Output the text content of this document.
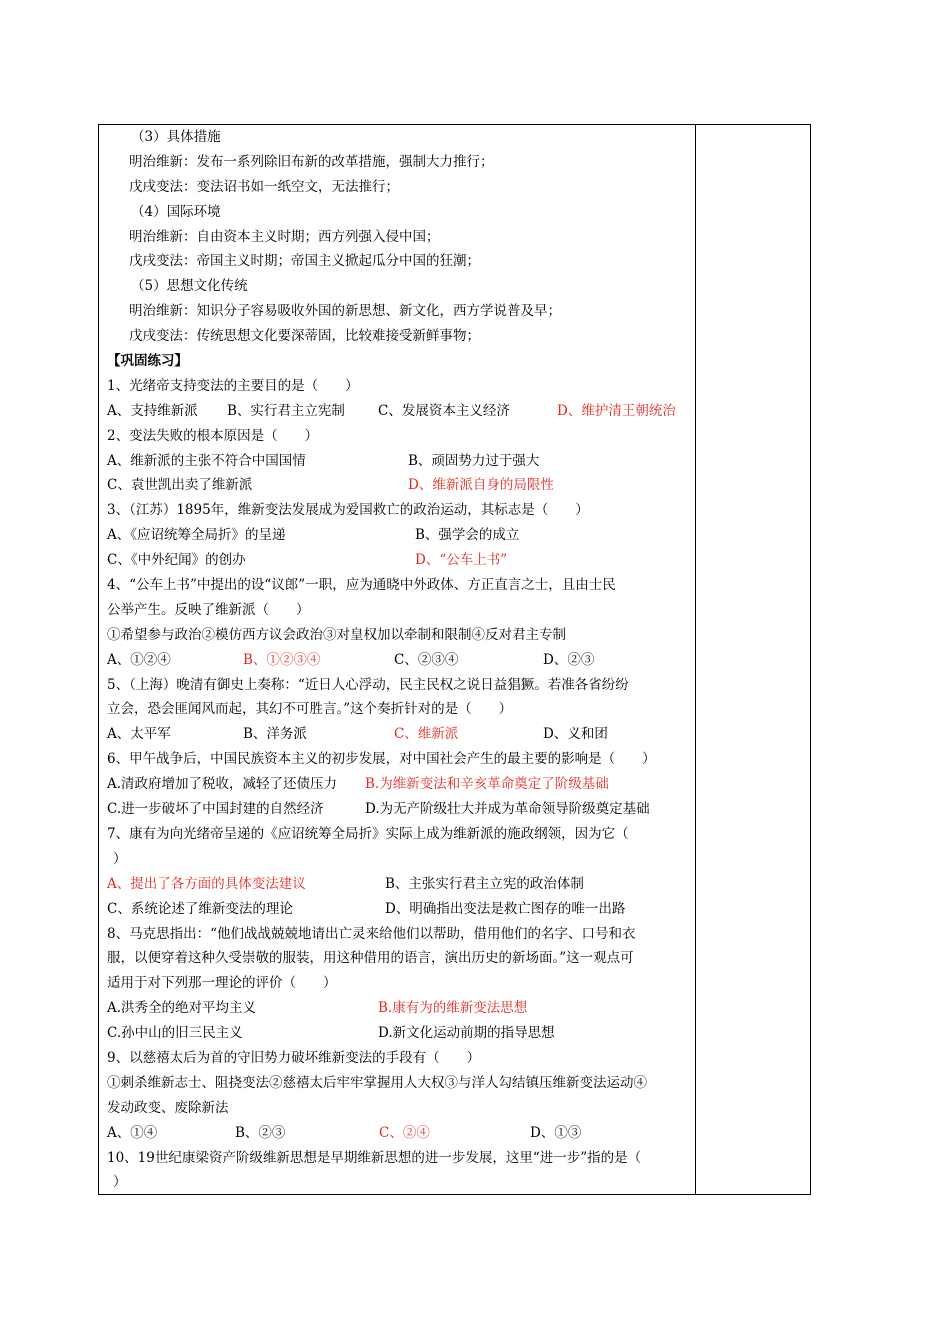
（3）具体措施
明治维新：发布一系列除旧布新的改革措施，强制大力推行；
戊戌变法：变法诏书如一纸空文，无法推行；
（4）国际环境
明治维新：自由资本主义时期；西方列强入侵中国；
戊戌变法：帝国主义时期；帝国主义掀起瓜分中国的狂潮；
（5）思想文化传统
明治维新：知识分子容易吸收外国的新思想、新文化，西方学说普及早；
戊戌变法：传统思想文化要深蒂固，比较难接受新鲜事物；
【巩固练习】
1、光绪帝支持变法的主要目的是（　　）
A、支持维新派 B、实行君主立宪制 C、发展资本主义经济	D、维护清王朝统治
2、变法失败的根本原因是（　　）
A、维新派的主张不符合中国国情	B、顽固势力过于强大
C、袁世凯出卖了维新派	D、维新派自身的局限性
3、（江苏）1895年，维新变法发展成为爱国救亡的政治运动，其标志是（　　）
A、《应诏统筹全局折》的呈递	B、强学会的成立
C、《中外纪闻》的创办	D、“公车上书”
4、“公车上书”中提出的设“议郎”一职，应为通晓中外政体、方正直言之士，且由士民
公举产生。反映了维新派（　　）
①希望参与政治②模仿西方议会政治③对皇权加以牵制和限制④反对君主专制
A、①②④	B、①②③④	C、②③④	D、②③
5、（上海）晚清有御史上奏称：“近日人心浮动，民主民权之说日益猖獗。若准各省纷纷
立会，恐会匪闻风而起，其幻不可胜言。”这个奏折针对的是（　　）
A、太平军	B、洋务派	C、维新派	D、义和团
6、甲午战争后，中国民族资本主义的初步发展，对中国社会产生的最主要的影响是（　　）
A.清政府增加了税收，减轻了还债压力 B.为维新变法和辛亥革命奠定了阶级基础
C.进一步破坏了中国封建的自然经济	D.为无产阶级壮大并成为革命领导阶级奠定基础
7、康有为向光绪帝呈递的《应诏统筹全局折》实际上成为维新派的施政纲领，因为它（
）
A、提出了各方面的具体变法建议	B、主张实行君主立宪的政治体制
C、系统论述了维新变法的理论	D、明确指出变法是救亡图存的唯一出路
8、马克思指出：“他们战战兢兢地请出亡灵来给他们以帮助，借用他们的名字、口号和衣
服，以便穿着这种久受崇敬的服装，用这种借用的语言，演出历史的新场面。”这一观点可
适用于对下列那一理论的评价（　　）
A.洪秀全的绝对平均主义	B.康有为的维新变法思想
C.孙中山的旧三民主义	D.新文化运动前期的指导思想
9、以慈禧太后为首的守旧势力破坏维新变法的手段有（　　）
①刺杀维新志士、阻挠变法②慈禧太后牢牢掌握用人大权③与洋人勾结镇压维新变法运动④
发动政变、废除新法
A、①④	B、②③	C、②④	D、①③
10、19世纪康梁资产阶级维新思想是早期维新思想的进一步发展，这里“进一步”指的是（
）
